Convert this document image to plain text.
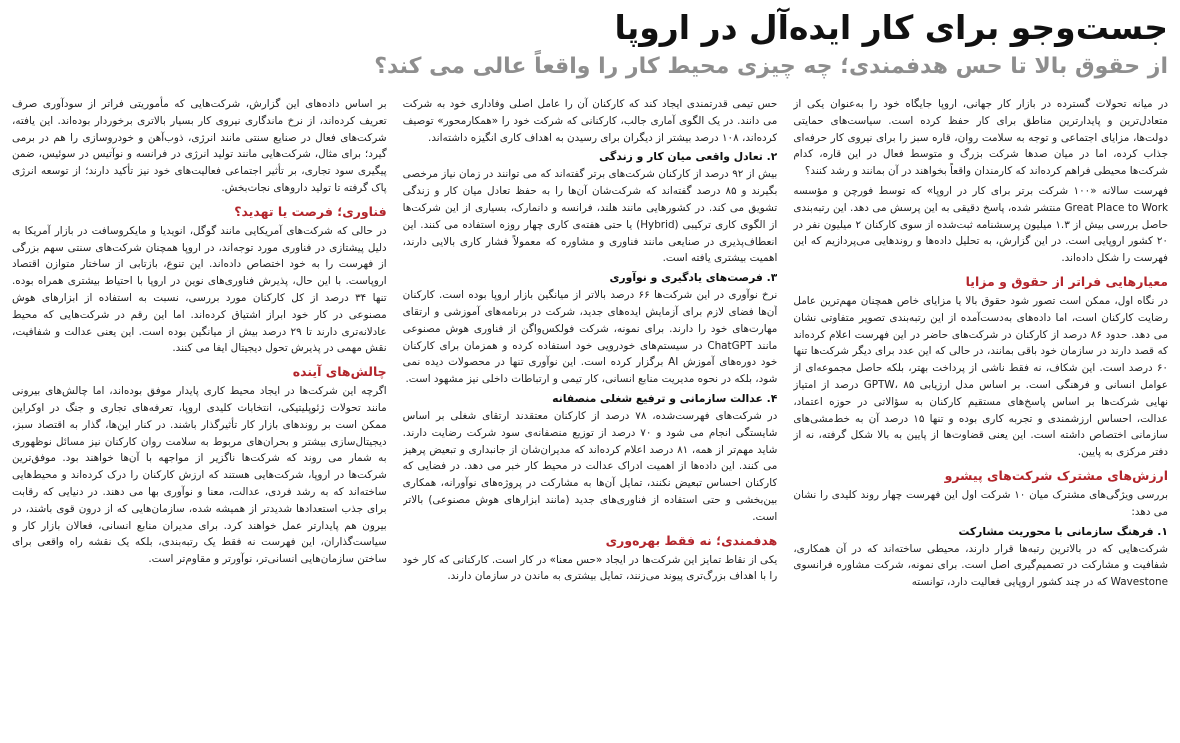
جست‌وجو برای کار ایده‌آل در اروپا
از حقوق بالا تا حس هدفمندی؛ چه چیزی محیط کار را واقعاً عالی می کند؟

در میانه تحولات گسترده در بازار کار جهانی، اروپا جایگاه خود را به‌عنوان یکی از متعادل‌ترین و پایدارترین مناطق برای کار حفظ کرده است. سیاست‌های حمایتی دولت‌ها، مزایای اجتماعی و توجه به سلامت روان، قاره سبز را برای نیروی کار حرفه‌ای جذاب کرده، اما در میان صدها شرکت بزرگ و متوسط فعال در این قاره، کدام شرکت‌ها محیطی فراهم کرده‌اند که کارمندان واقعاً بخواهند در آن بمانند و رشد کنند؟

فهرست سالانه «۱۰۰ شرکت برتر برای کار در اروپا» که توسط فورچن و مؤسسه Great Place to Work منتشر شده، پاسخ دقیقی به این پرسش می دهد. این رتبه‌بندی حاصل بررسی بیش از ۱.۳ میلیون پرسشنامه ثبت‌شده از سوی کارکنان ۲ میلیون نفر در ۲۰ کشور اروپایی است. در این گزارش، به تحلیل داده‌ها و روندهایی می‌پردازیم که این فهرست را شکل داده‌اند.

معیارهایی فراتر از حقوق و مزایا

در نگاه اول، ممکن است تصور شود حقوق بالا یا مزایای خاص همچنان مهم‌ترین عامل رضایت کارکنان است، اما داده‌های به‌دست‌آمده از این رتبه‌بندی تصویر متفاوتی نشان می دهد. حدود ۸۶ درصد از کارکنان در شرکت‌های حاضر در این فهرست اعلام کرده‌اند که قصد دارند در سازمان خود باقی بمانند، در حالی که این عدد برای دیگر شرکت‌ها تنها ۶۰ درصد است. این شکاف، نه فقط ناشی از پرداخت بهتر، بلکه حاصل مجموعه‌ای از عوامل انسانی و فرهنگی است. بر اساس مدل ارزیابی GPTW، ۸۵ درصد از امتیاز نهایی شرکت‌ها بر اساس پاسخ‌های مستقیم کارکنان به سؤالاتی در حوزه اعتماد، عدالت، احساس ارزشمندی و تجربه کاری بوده و تنها ۱۵ درصد آن به خط‌مشی‌های سازمانی اختصاص داشته است. این یعنی قضاوت‌ها از پایین به بالا شکل گرفته، نه از دفتر مرکزی به پایین.

ارزش‌های مشترک شرکت‌های پیشرو

بررسی ویژگی‌های مشترک میان ۱۰ شرکت اول این فهرست چهار روند کلیدی را نشان می دهد:

۱. فرهنگ سازمانی با محوریت مشارکت

شرکت‌هایی که در بالاترین رتبه‌ها قرار دارند، محیطی ساخته‌اند که در آن همکاری، شفافیت و مشارکت در تصمیم‌گیری اصل است. برای نمونه، شرکت مشاوره فرانسوی Wavestone که در چند کشور اروپایی فعالیت دارد، توانسته

حس تیمی قدرتمندی ایجاد کند که کارکنان آن را عامل اصلی وفاداری خود به شرکت می دانند. در یک الگوی آماری جالب، کارکنانی که شرکت خود را «همکارمحور» توصیف کرده‌اند، ۱۰۸ درصد بیشتر از دیگران برای رسیدن به اهداف کاری انگیزه داشته‌اند.

۲. تعادل واقعی میان کار و زندگی

بیش از ۹۲ درصد از کارکنان شرکت‌های برتر گفته‌اند که می توانند در زمان نیاز مرخصی بگیرند و ۸۵ درصد گفته‌اند که شرکت‌شان آن‌ها را به حفظ تعادل میان کار و زندگی تشویق می کند. در کشورهایی مانند هلند، فرانسه و دانمارک، بسیاری از این شرکت‌ها از الگوی کاری ترکیبی (Hybrid) یا حتی هفته‌ی کاری چهار روزه استفاده می کنند. این انعطاف‌پذیری در صنایعی مانند فناوری و مشاوره که معمولاً فشار کاری بالایی دارند، اهمیت بیشتری یافته است.

۳. فرصت‌های یادگیری و نوآوری

نرخ نوآوری در این شرکت‌ها ۶۶ درصد بالاتر از میانگین بازار اروپا بوده است. کارکنان آن‌ها فضای لازم برای آزمایش ایده‌های جدید، شرکت در برنامه‌های آموزشی و ارتقای مهارت‌های خود را دارند. برای نمونه، شرکت فولکس‌واگن از فناوری هوش مصنوعی مانند ChatGPT در سیستم‌های خودرویی خود استفاده کرده و همزمان برای کارکنان خود دوره‌های آموزش AI برگزار کرده است. این نوآوری تنها در محصولات دیده نمی شود، بلکه در نحوه مدیریت منابع انسانی، کار تیمی و ارتباطات داخلی نیز مشهود است.

۴. عدالت سازمانی و ترفیع شغلی منصفانه

در شرکت‌های فهرست‌شده، ۷۸ درصد از کارکنان معتقدند ارتقای شغلی بر اساس شایستگی انجام می شود و ۷۰ درصد از توزیع منصفانه‌ی سود شرکت رضایت دارند. شاید مهم‌تر از همه، ۸۱ درصد اعلام کرده‌اند که مدیران‌شان از جانبداری و تبعیض پرهیز می کنند. این داده‌ها از اهمیت ادراک عدالت در محیط کار خبر می دهد. در فضایی که کارکنان احساس تبعیض نکنند، تمایل آن‌ها به مشارکت در پروژه‌های نوآورانه، همکاری بین‌بخشی و حتی استفاده از فناوری‌های جدید (مانند ابزارهای هوش مصنوعی) بالاتر است.

هدفمندی؛ نه فقط بهره‌وری

یکی از نقاط تمایز این شرکت‌ها در ایجاد «حس معنا» در کار است. کارکنانی که کار خود را با اهداف بزرگ‌تری پیوند می‌زنند، تمایل بیشتری به ماندن در سازمان دارند.

بر اساس داده‌های این گزارش، شرکت‌هایی که مأموریتی فراتر از سودآوری صرف تعریف کرده‌اند، از نرخ ماندگاری نیروی کار بسیار بالاتری برخوردار بوده‌اند. این یافته، شرکت‌های فعال در صنایع سنتی مانند انرژی، ذوب‌آهن و خودروسازی را هم در برمی گیرد؛ برای مثال، شرکت‌هایی مانند تولید انرژی در فرانسه و نوآتیس در سوئیس، ضمن پیگیری سود تجاری، بر تأثیر اجتماعی فعالیت‌های خود نیز تأکید دارند؛ از توسعه انرژی پاک گرفته تا تولید داروهای نجات‌بخش.

فناوری؛ فرصت یا تهدید؟

در حالی که شرکت‌های آمریکایی مانند گوگل، انویدیا و مایکروسافت در بازار آمریکا به دلیل پیشتازی در فناوری مورد توجه‌اند، در اروپا همچنان شرکت‌های سنتی سهم بزرگی از فهرست را به خود اختصاص داده‌اند. این تنوع، بازتابی از ساختار متوازن اقتصاد اروپاست. با این حال، پذیرش فناوری‌های نوین در اروپا با احتیاط بیشتری همراه بوده. تنها ۳۴ درصد از کل کارکنان مورد بررسی، نسبت به استفاده از ابزارهای هوش مصنوعی در کار خود ابراز اشتیاق کرده‌اند. اما این رقم در شرکت‌هایی که محیط عادلانه‌تری دارند تا ۲۹ درصد بیش از میانگین بوده است. این یعنی عدالت و شفافیت، نقش مهمی در پذیرش تحول دیجیتال ایفا می کنند.

چالش‌های آینده

اگرچه این شرکت‌ها در ایجاد محیط کاری پایدار موفق بوده‌اند، اما چالش‌های بیرونی مانند تحولات ژئوپلیتیکی، انتخابات کلیدی اروپا، تعرفه‌های تجاری و جنگ در اوکراین ممکن است بر روندهای بازار کار تأثیرگذار باشند. در کنار این‌ها، گذار به اقتصاد سبز، دیجیتال‌سازی بیشتر و بحران‌های مربوط به سلامت روان کارکنان نیز مسائل نوظهوری به شمار می روند که شرکت‌ها ناگزیر از مواجهه با آن‌ها خواهند بود. موفق‌ترین شرکت‌ها در اروپا، شرکت‌هایی هستند که ارزش کارکنان را درک کرده‌اند و محیط‌هایی ساخته‌اند که به رشد فردی، عدالت، معنا و نوآوری بها می دهند. در دنیایی که رقابت برای جذب استعدادها شدیدتر از همیشه شده، سازمان‌هایی که از درون قوی باشند، در بیرون هم پایدارتر عمل خواهند کرد. برای مدیران منابع انسانی، فعالان بازار کار و سیاست‌گذاران، این فهرست نه فقط یک رتبه‌بندی، بلکه یک نقشه راه واقعی برای ساختن سازمان‌هایی انسانی‌تر، نوآورتر و مقاوم‌تر است.
